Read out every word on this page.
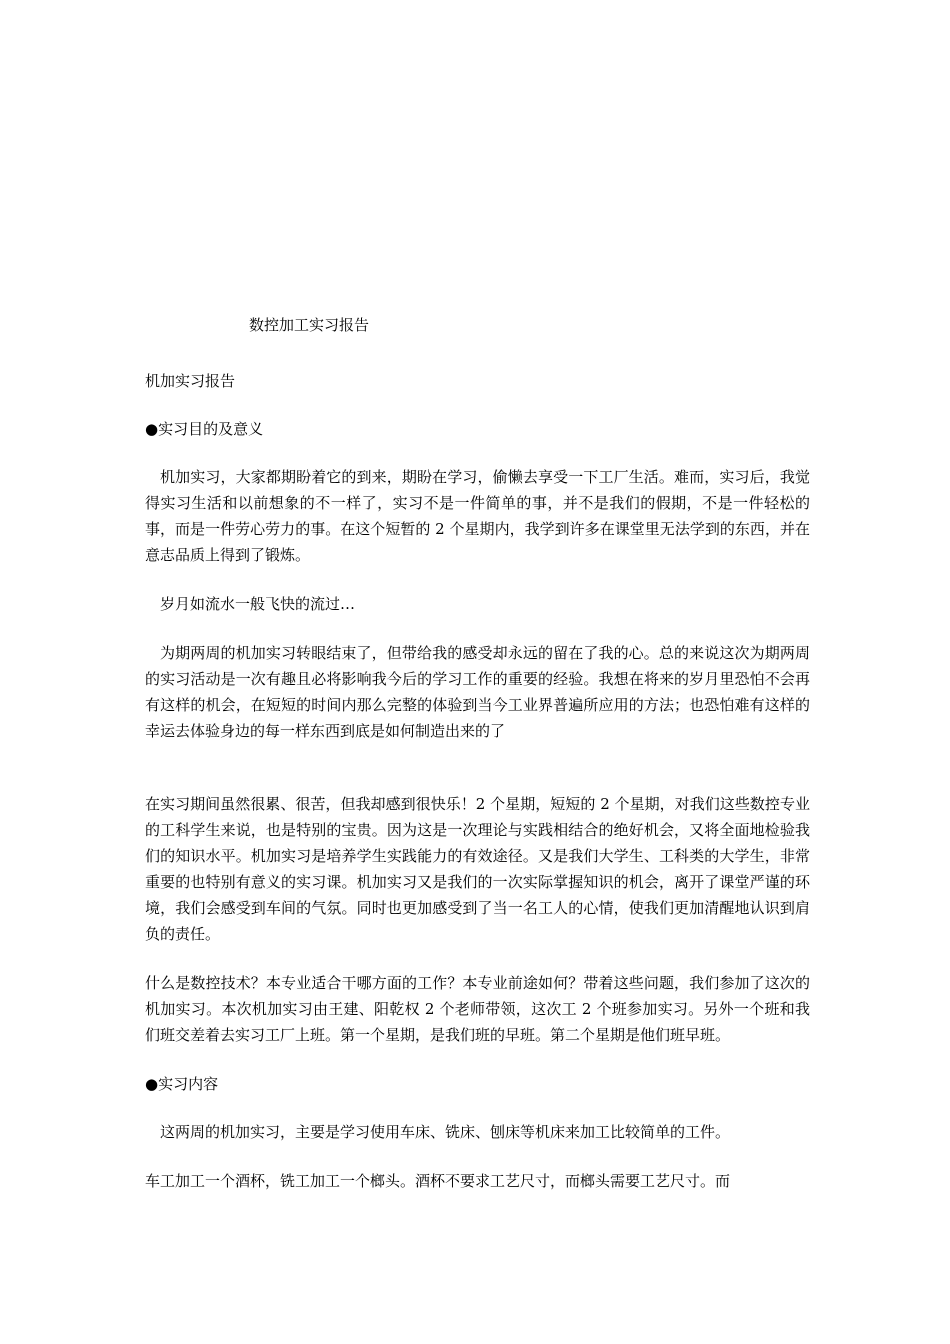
数控加工实习报告
机加实习报告
●实习目的及意义

机加实习，大家都期盼着它的到来，期盼在学习，偷懒去享受一下工厂生活。难而，实习后，我觉得实习生活和以前想象的不一样了，实习不是一件简单的事，并不是我们的假期，不是一件轻松的事，而是一件劳心劳力的事。在这个短暂的 2 个星期内，我学到许多在课堂里无法学到的东西，并在意志品质上得到了锻炼。

岁月如流水一般飞快的流过…

为期两周的机加实习转眼结束了，但带给我的感受却永远的留在了我的心。总的来说这次为期两周的实习活动是一次有趣且必将影响我今后的学习工作的重要的经验。我想在将来的岁月里恐怕不会再有这样的机会，在短短的时间内那么完整的体验到当今工业界普遍所应用的方法；也恐怕难有这样的幸运去体验身边的每一样东西到底是如何制造出来的了

在实习期间虽然很累、很苦，但我却感到很快乐！2 个星期，短短的 2 个星期，对我们这些数控专业的工科学生来说，也是特别的宝贵。因为这是一次理论与实践相结合的绝好机会，又将全面地检验我们的知识水平。机加实习是培养学生实践能力的有效途径。又是我们大学生、工科类的大学生，非常重要的也特别有意义的实习课。机加实习又是我们的一次实际掌握知识的机会，离开了课堂严谨的环境，我们会感受到车间的气氛。同时也更加感受到了当一名工人的心情，使我们更加清醒地认识到肩负的责任。

什么是数控技术？本专业适合干哪方面的工作？本专业前途如何？带着这些问题，我们参加了这次的机加实习。本次机加实习由王建、阳乾权 2 个老师带领，这次工 2 个班参加实习。另外一个班和我们班交差着去实习工厂上班。第一个星期，是我们班的早班。第二个星期是他们班早班。

●实习内容

这两周的机加实习，主要是学习使用车床、铣床、刨床等机床来加工比较简单的工件。

车工加工一个酒杯，铣工加工一个榔头。酒杯不要求工艺尺寸，而榔头需要工艺尺寸。而
